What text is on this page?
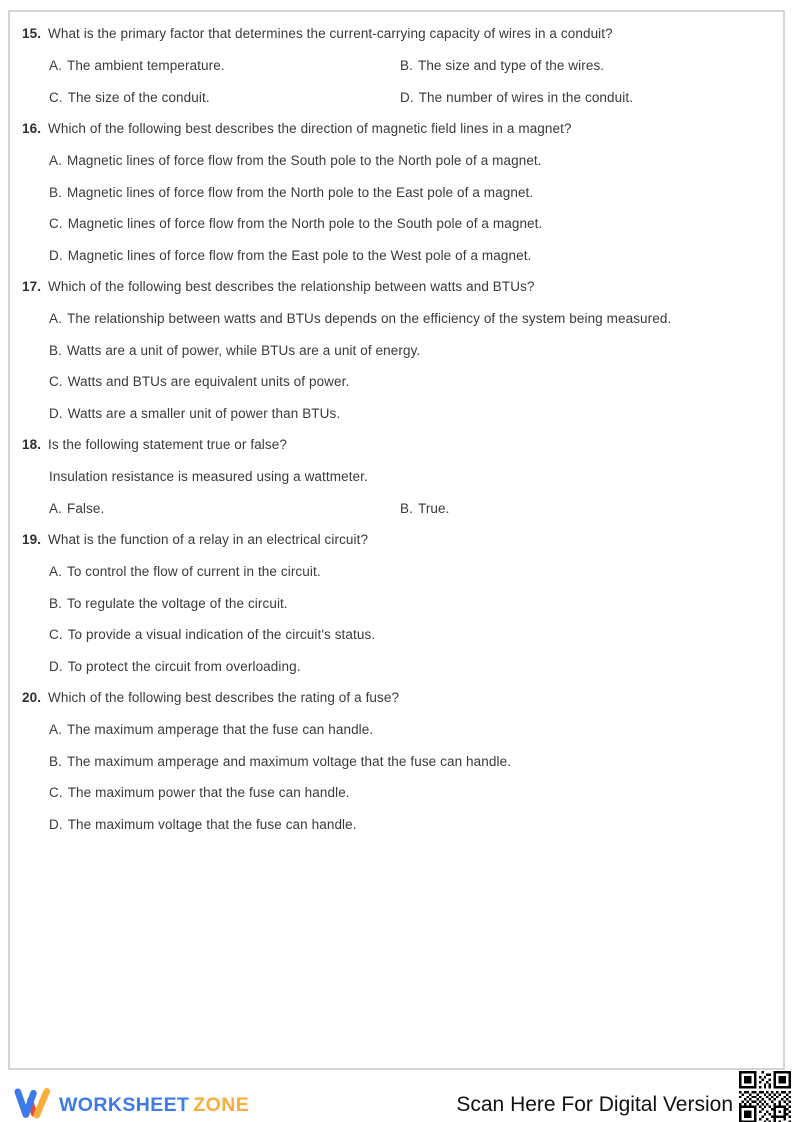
15. What is the primary factor that determines the current-carrying capacity of wires in a conduit?
A. The ambient temperature.	B. The size and type of the wires.
C. The size of the conduit.	D. The number of wires in the conduit.
16. Which of the following best describes the direction of magnetic field lines in a magnet?
A. Magnetic lines of force flow from the South pole to the North pole of a magnet.
B. Magnetic lines of force flow from the North pole to the East pole of a magnet.
C. Magnetic lines of force flow from the North pole to the South pole of a magnet.
D. Magnetic lines of force flow from the East pole to the West pole of a magnet.
17. Which of the following best describes the relationship between watts and BTUs?
A. The relationship between watts and BTUs depends on the efficiency of the system being measured.
B. Watts are a unit of power, while BTUs are a unit of energy.
C. Watts and BTUs are equivalent units of power.
D. Watts are a smaller unit of power than BTUs.
18. Is the following statement true or false?
Insulation resistance is measured using a wattmeter.
A. False.	B. True.
19. What is the function of a relay in an electrical circuit?
A. To control the flow of current in the circuit.
B. To regulate the voltage of the circuit.
C. To provide a visual indication of the circuit's status.
D. To protect the circuit from overloading.
20. Which of the following best describes the rating of a fuse?
A. The maximum amperage that the fuse can handle.
B. The maximum amperage and maximum voltage that the fuse can handle.
C. The maximum power that the fuse can handle.
D. The maximum voltage that the fuse can handle.
WORKSHEET ZONE	Scan Here For Digital Version
